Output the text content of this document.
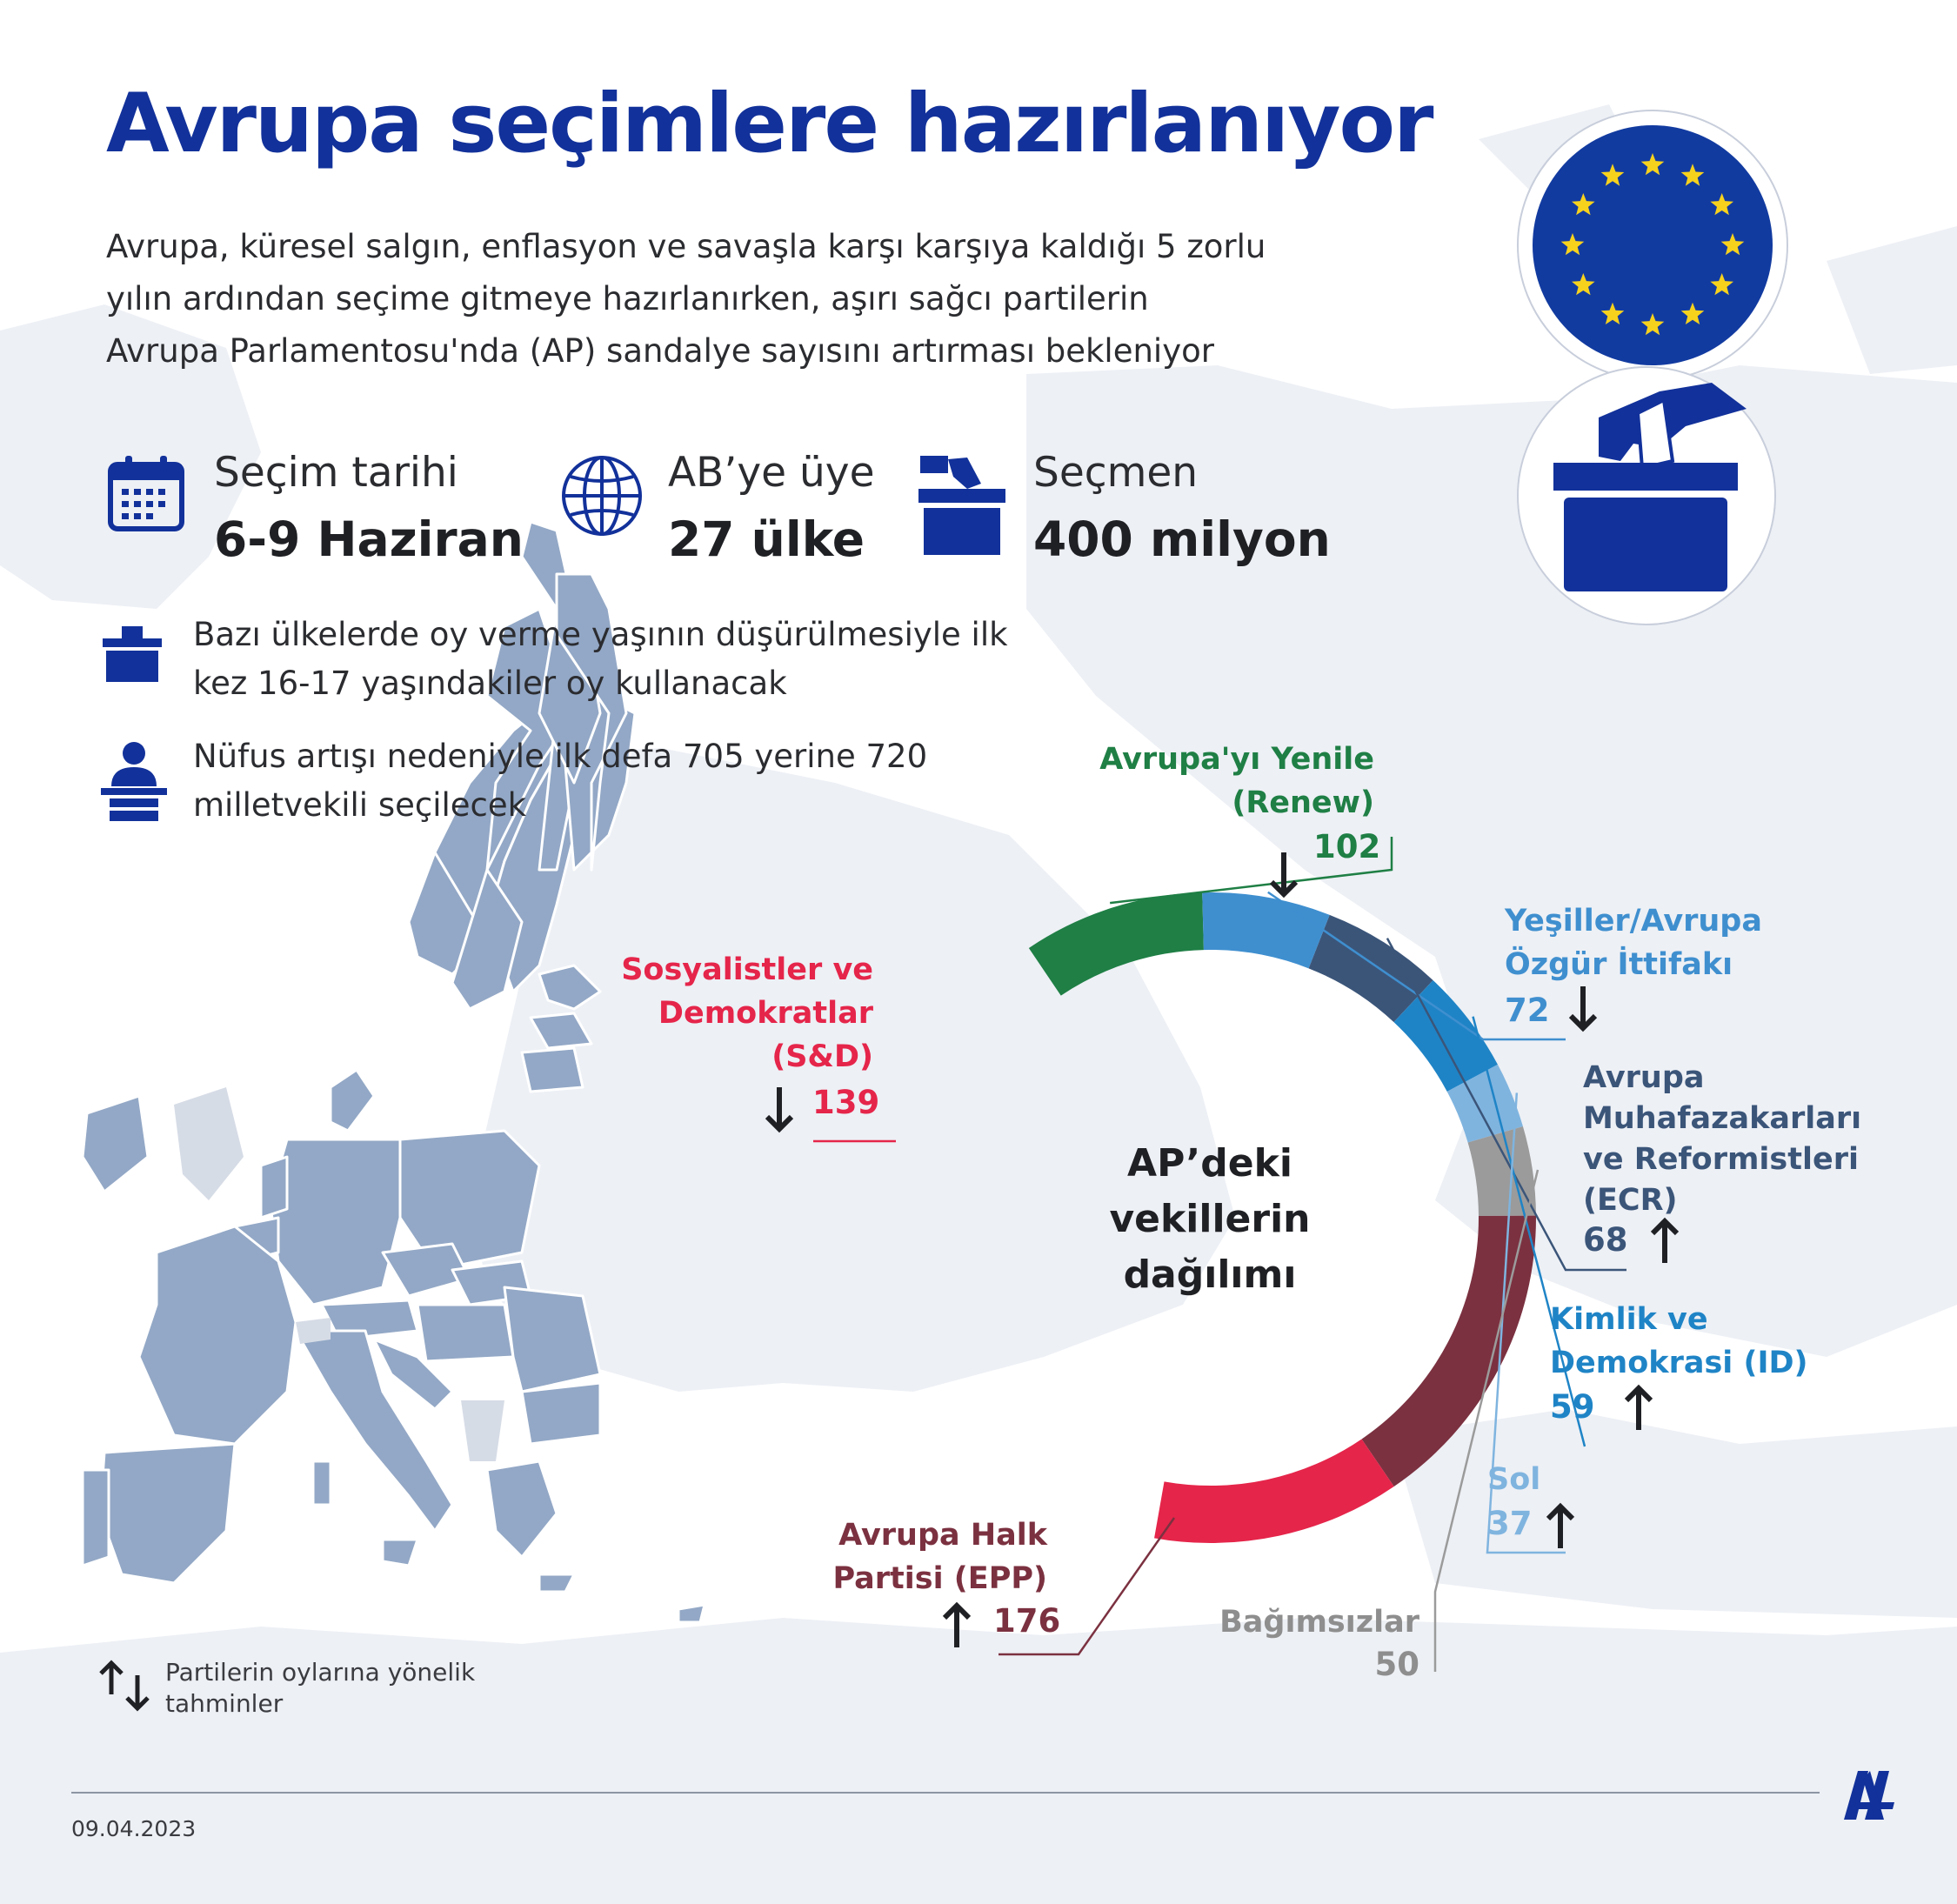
Avrupa seçimlere hazırlanıyor
Avrupa, küresel salgın, enflasyon ve savaşla karşı karşıya kaldığı 5 zorlu
yılın ardından seçime gitmeye hazırlanırken, aşırı sağcı partilerin
Avrupa Parlamentosu'nda (AP) sandalye sayısını artırması bekleniyor
Seçim tarihi
6-9 Haziran
AB’ye üye
27 ülke
Seçmen
400 milyon
Bazı ülkelerde oy verme yaşının düşürülmesiyle ilk
kez 16-17 yaşındakiler oy kullanacak
Nüfus artışı nedeniyle ilk defa 705 yerine 720
milletvekili seçilecek
AP’deki
vekillerin
dağılımı
Avrupa'yı Yenile
(Renew)
102
Yeşiller/Avrupa
Özgür İttifakı
72
Avrupa
Muhafazakarları
ve Reformistleri
(ECR)
68
Kimlik ve
Demokrasi (ID)
59
Sol
37
Bağımsızlar
50
Avrupa Halk
Partisi (EPP)
176
Sosyalistler ve
Demokratlar
(S&D)
139
Partilerin oylarına yönelik
tahminler
09.04.2023
